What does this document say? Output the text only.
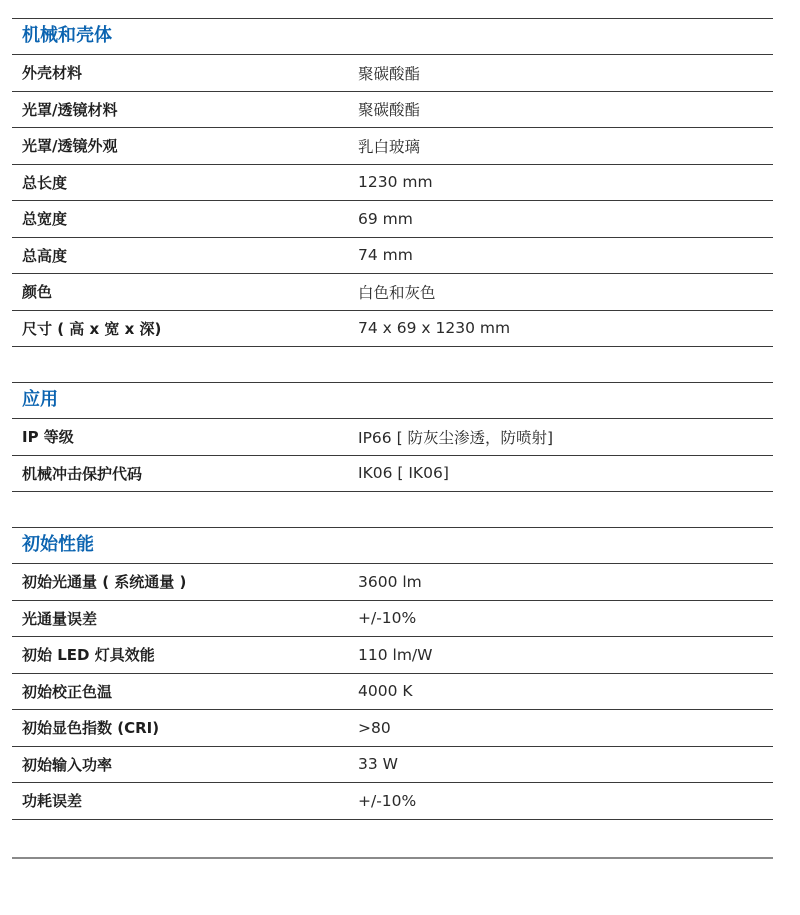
机械和壳体
外壳材料	聚碳酸酯
光罩/透镜材料	聚碳酸酯
光罩/透镜外观	乳白玻璃
总长度	1230 mm
总宽度	69 mm
总高度	74 mm
颜色	白色和灰色
尺寸 ( 高 x 宽 x 深)	74 x 69 x 1230 mm
应用
IP 等级	IP66 [ 防灰尘渗透，防喷射]
机械冲击保护代码	IK06 [ IK06]
初始性能
初始光通量 ( 系统通量 )	3600 lm
光通量误差	+/-10%
初始 LED 灯具效能	110 lm/W
初始校正色温	4000 K
初始显色指数 (CRI)	>80
初始输入功率	33 W
功耗误差	+/-10%
